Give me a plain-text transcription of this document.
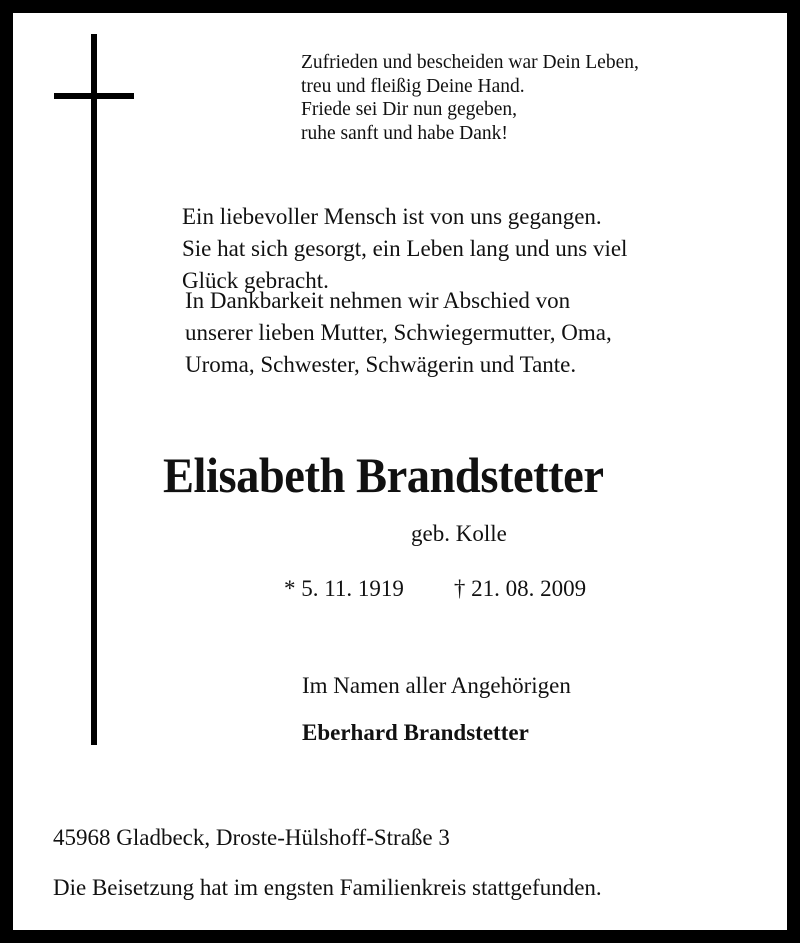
Zufrieden und bescheiden war Dein Leben,
treu und fleißig Deine Hand.
Friede sei Dir nun gegeben,
ruhe sanft und habe Dank!
Ein liebevoller Mensch ist von uns gegangen.
Sie hat sich gesorgt, ein Leben lang und uns viel
Glück gebracht.
In Dankbarkeit nehmen wir Abschied von
unserer lieben Mutter, Schwiegermutter, Oma,
Uroma, Schwester, Schwägerin und Tante.
Elisabeth Brandstetter
geb. Kolle
* 5. 11. 1919 † 21. 08. 2009
Im Namen aller Angehörigen
Eberhard Brandstetter
45968 Gladbeck, Droste-Hülshoff-Straße 3
Die Beisetzung hat im engsten Familienkreis stattgefunden.
